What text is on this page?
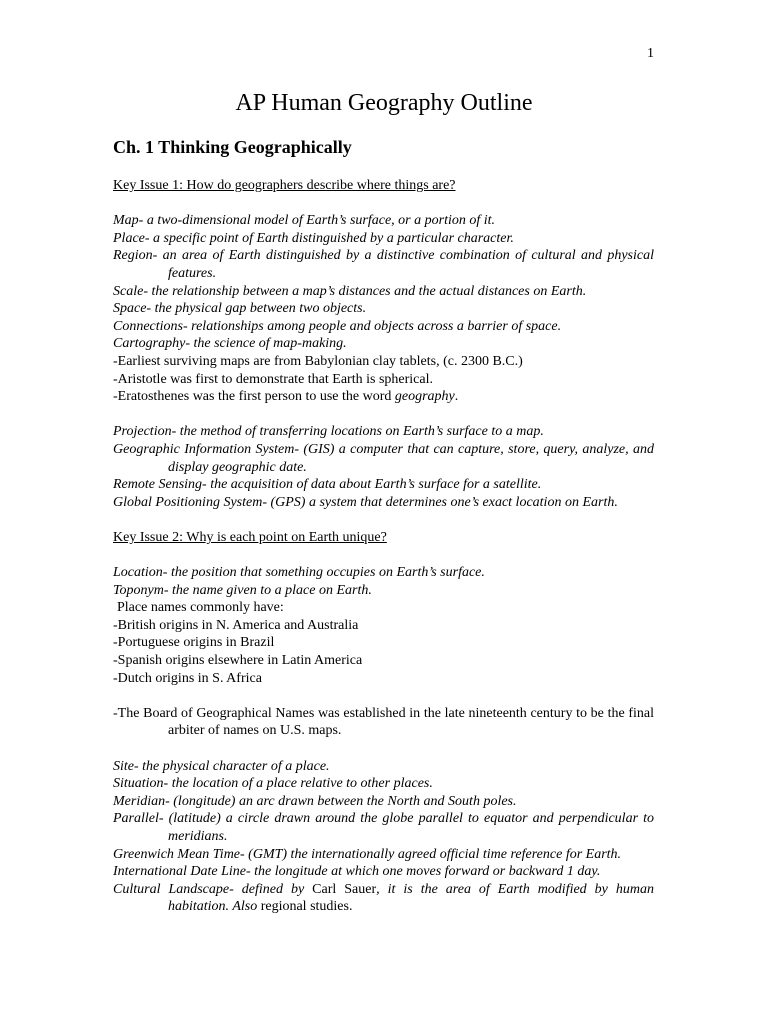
1
AP Human Geography Outline
Ch. 1 Thinking Geographically
Key Issue 1: How do geographers describe where things are?
Map- a two-dimensional model of Earth’s surface, or a portion of it.
Place- a specific point of Earth distinguished by a particular character.
Region- an area of Earth distinguished by a distinctive combination of cultural and physical features.
Scale- the relationship between a map’s distances and the actual distances on Earth.
Space- the physical gap between two objects.
Connections- relationships among people and objects across a barrier of space.
Cartography- the science of map-making.
-Earliest surviving maps are from Babylonian clay tablets, (c. 2300 B.C.)
-Aristotle was first to demonstrate that Earth is spherical.
-Eratosthenes was the first person to use the word geography.
Projection- the method of transferring locations on Earth’s surface to a map.
Geographic Information System- (GIS) a computer that can capture, store, query, analyze, and display geographic date.
Remote Sensing- the acquisition of data about Earth’s surface for a satellite.
Global Positioning System- (GPS) a system that determines one’s exact location on Earth.
Key Issue 2: Why is each point on Earth unique?
Location- the position that something occupies on Earth’s surface.
Toponym- the name given to a place on Earth.
Place names commonly have:
-British origins in N. America and Australia
-Portuguese origins in Brazil
-Spanish origins elsewhere in Latin America
-Dutch origins in S. Africa
-The Board of Geographical Names was established in the late nineteenth century to be the final arbiter of names on U.S. maps.
Site- the physical character of a place.
Situation- the location of a place relative to other places.
Meridian- (longitude) an arc drawn between the North and South poles.
Parallel- (latitude) a circle drawn around the globe parallel to equator and perpendicular to meridians.
Greenwich Mean Time- (GMT) the internationally agreed official time reference for Earth.
International Date Line- the longitude at which one moves forward or backward 1 day.
Cultural Landscape- defined by Carl Sauer, it is the area of Earth modified by human habitation. Also regional studies.
